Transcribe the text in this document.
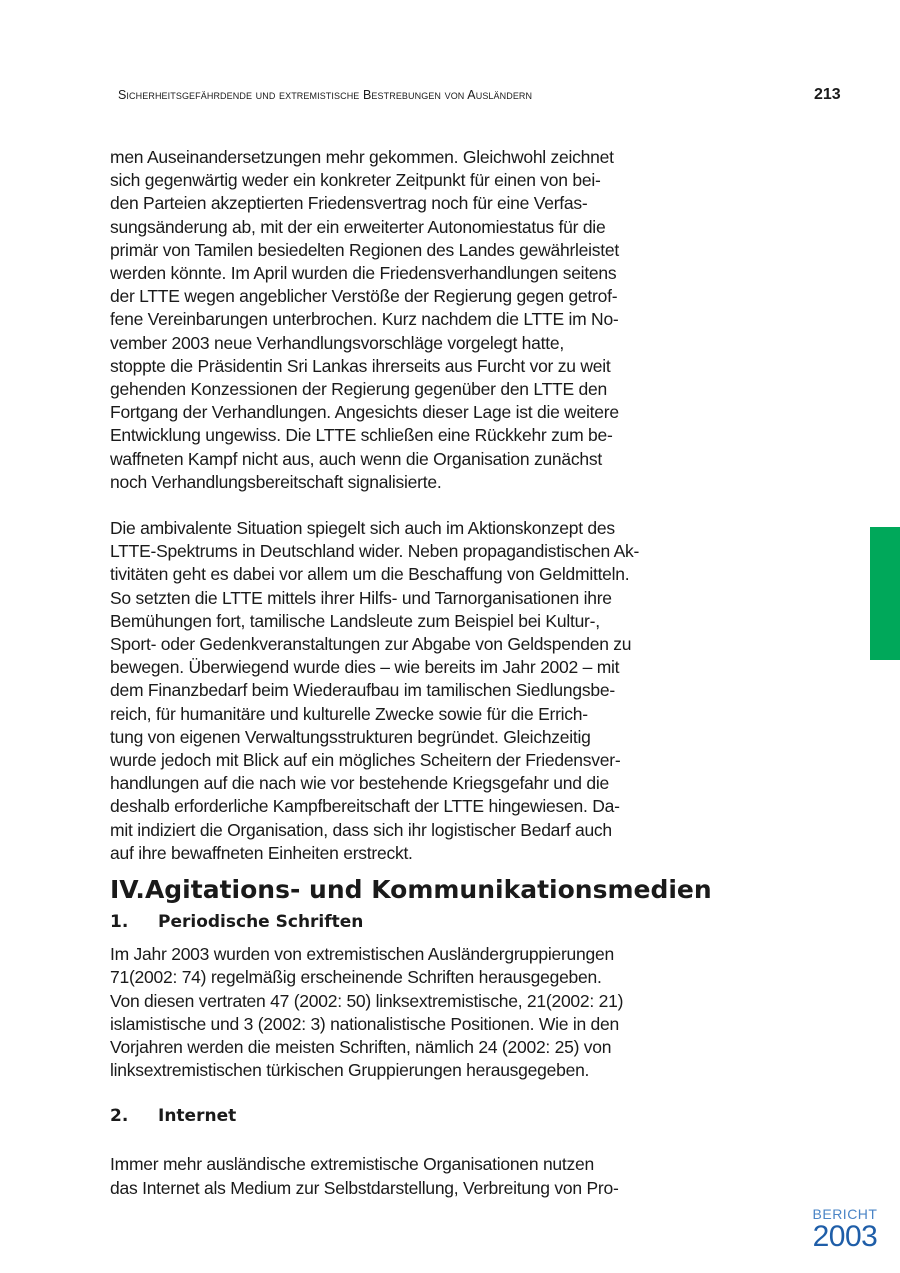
Sicherheitsgefährdende und extremistische Bestrebungen von Ausländern	213
men Auseinandersetzungen mehr gekommen. Gleichwohl zeichnet
sich gegenwärtig weder ein konkreter Zeitpunkt für einen von bei-
den Parteien akzeptierten Friedensvertrag noch für eine Verfas-
sungsänderung ab, mit der ein erweiterter Autonomiestatus für die
primär von Tamilen besiedelten Regionen des Landes gewährleistet
werden könnte. Im April wurden die Friedensverhandlungen seitens
der LTTE wegen angeblicher Verstöße der Regierung gegen getrof-
fene Vereinbarungen unterbrochen. Kurz nachdem die LTTE im No-
vember 2003 neue Verhandlungsvorschläge vorgelegt hatte,
stoppte die Präsidentin Sri Lankas ihrerseits aus Furcht vor zu weit
gehenden Konzessionen der Regierung gegenüber den LTTE den
Fortgang der Verhandlungen. Angesichts dieser Lage ist die weitere
Entwicklung ungewiss. Die LTTE schließen eine Rückkehr zum be-
waffneten Kampf nicht aus, auch wenn die Organisation zunächst
noch Verhandlungsbereitschaft signalisierte.
Die ambivalente Situation spiegelt sich auch im Aktionskonzept des
LTTE-Spektrums in Deutschland wider. Neben propagandistischen Ak-
tivitäten geht es dabei vor allem um die Beschaffung von Geldmitteln.
So setzten die LTTE mittels ihrer Hilfs- und Tarnorganisationen ihre
Bemühungen fort, tamilische Landsleute zum Beispiel bei Kultur-,
Sport- oder Gedenkveranstaltungen zur Abgabe von Geldspenden zu
bewegen. Überwiegend wurde dies – wie bereits im Jahr 2002 – mit
dem Finanzbedarf beim Wiederaufbau im tamilischen Siedlungsbe-
reich, für humanitäre und kulturelle Zwecke sowie für die Errich-
tung von eigenen Verwaltungsstrukturen begründet. Gleichzeitig
wurde jedoch mit Blick auf ein mögliches Scheitern der Friedensver-
handlungen auf die nach wie vor bestehende Kriegsgefahr und die
deshalb erforderliche Kampfbereitschaft der LTTE hingewiesen. Da-
mit indiziert die Organisation, dass sich ihr logistischer Bedarf auch
auf ihre bewaffneten Einheiten erstreckt.
IV. Agitations- und Kommunikationsmedien
1.	Periodische Schriften
Im Jahr 2003 wurden von extremistischen Ausländergruppierungen
71(2002: 74) regelmäßig erscheinende Schriften herausgegeben.
Von diesen vertraten 47 (2002: 50) linksextremistische, 21(2002: 21)
islamistische und 3 (2002: 3) nationalistische Positionen. Wie in den
Vorjahren werden die meisten Schriften, nämlich 24 (2002: 25) von
linksextremistischen türkischen Gruppierungen herausgegeben.
2.	Internet
Immer mehr ausländische extremistische Organisationen nutzen
das Internet als Medium zur Selbstdarstellung, Verbreitung von Pro-
BERICHT
2003
